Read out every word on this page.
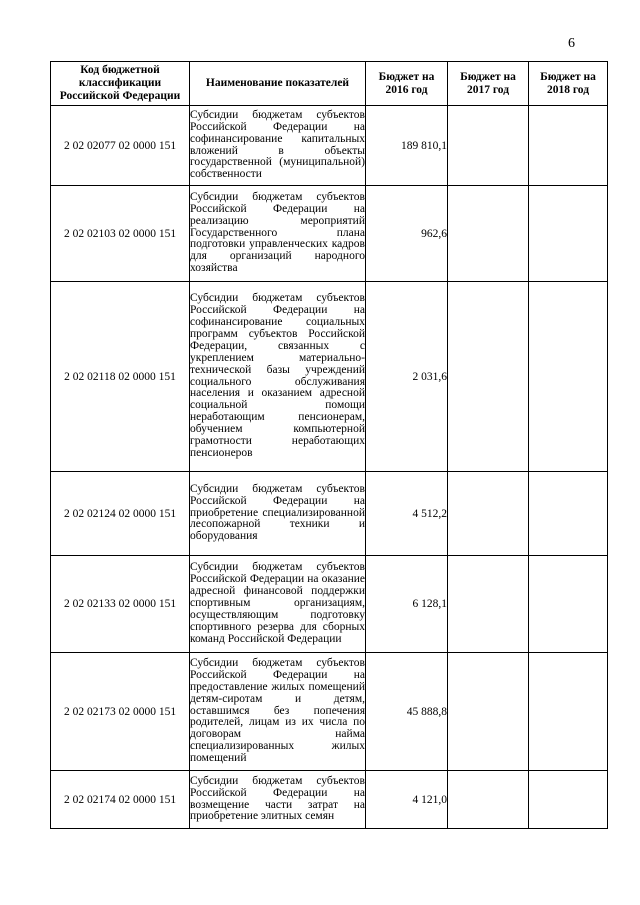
6
Код бюджетной классификации Российской Федерации	Наименование показателей	Бюджет на 2016 год	Бюджет на 2017 год	Бюджет на 2018 год
2 02 02077 02 0000 151	Субсидии бюджетам субъектов Российской Федерации на софинансирование капитальных вложений в объекты государственной (муниципальной) собственности	189 810,1		
2 02 02103 02 0000 151	Субсидии бюджетам субъектов Российской Федерации на реализацию мероприятий Государственного плана подготовки управленческих кадров для организаций народного хозяйства	962,6		
2 02 02118 02 0000 151	Субсидии бюджетам субъектов Российской Федерации на софинансирование социальных программ субъектов Российской Федерации, связанных с укреплением материально-технической базы учреждений социального обслуживания населения и оказанием адресной социальной помощи неработающим пенсионерам, обучением компьютерной грамотности неработающих пенсионеров	2 031,6		
2 02 02124 02 0000 151	Субсидии бюджетам субъектов Российской Федерации на приобретение специализированной лесопожарной техники и оборудования	4 512,2		
2 02 02133 02 0000 151	Субсидии бюджетам субъектов Российской Федерации на оказание адресной финансовой поддержки спортивным организациям, осуществляющим подготовку спортивного резерва для сборных команд Российской Федерации	6 128,1		
2 02 02173 02 0000 151	Субсидии бюджетам субъектов Российской Федерации на предоставление жилых помещений детям-сиротам и детям, оставшимся без попечения родителей, лицам из их числа по договорам найма специализированных жилых помещений	45 888,8		
2 02 02174 02 0000 151	Субсидии бюджетам субъектов Российской Федерации на возмещение части затрат на приобретение элитных семян	4 121,0		
